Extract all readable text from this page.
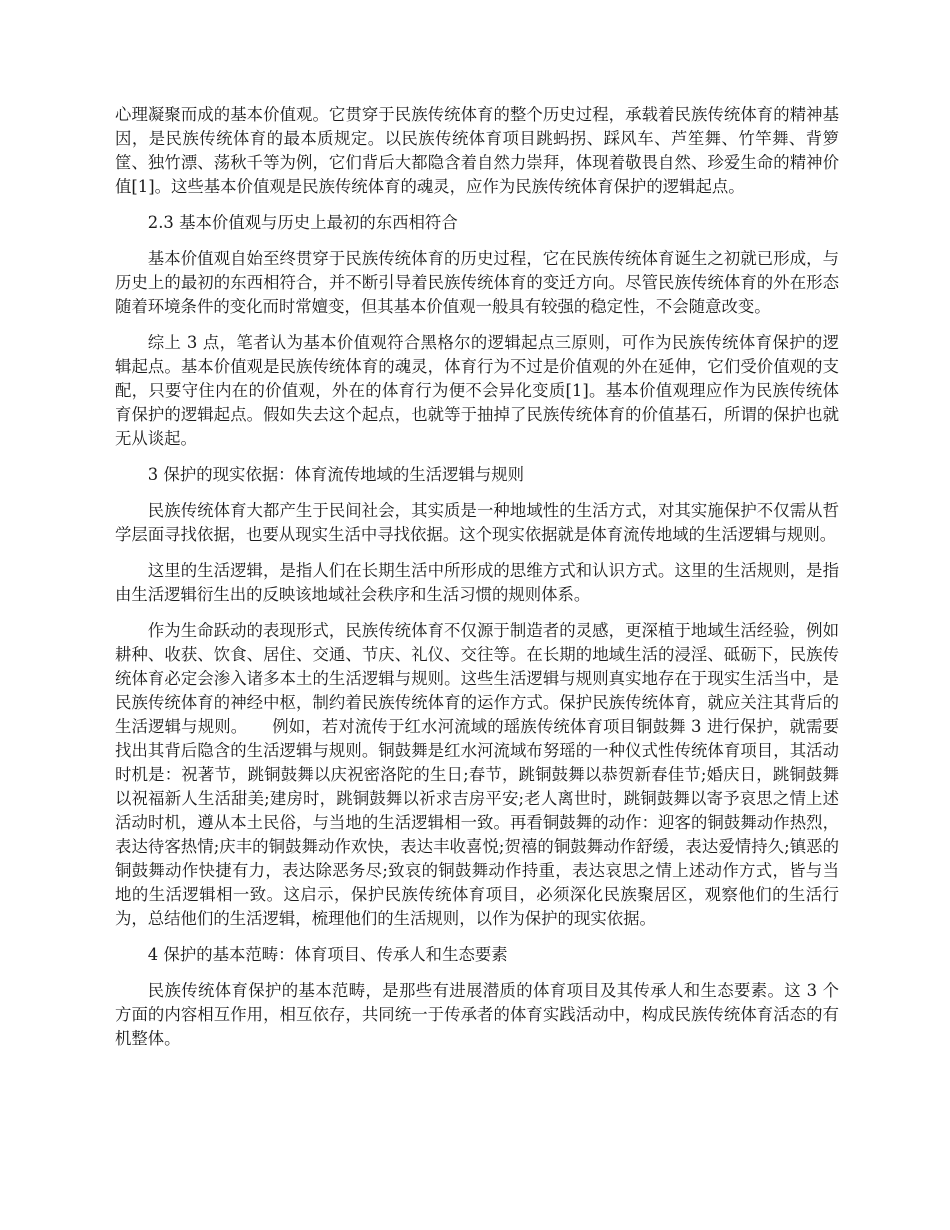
心理凝聚而成的基本价值观。它贯穿于民族传统体育的整个历史过程，承载着民族传统体育的精神基因，是民族传统体育的最本质规定。以民族传统体育项目跳蚂拐、踩风车、芦笙舞、竹竿舞、背箩筐、独竹漂、荡秋千等为例，它们背后大都隐含着自然力崇拜，体现着敬畏自然、珍爱生命的精神价值[1]。这些基本价值观是民族传统体育的魂灵，应作为民族传统体育保护的逻辑起点。

2.3 基本价值观与历史上最初的东西相符合

基本价值观自始至终贯穿于民族传统体育的历史过程，它在民族传统体育诞生之初就已形成，与历史上的最初的东西相符合，并不断引导着民族传统体育的变迁方向。尽管民族传统体育的外在形态随着环境条件的变化而时常嬗变，但其基本价值观一般具有较强的稳定性，不会随意改变。

综上 3 点，笔者认为基本价值观符合黑格尔的逻辑起点三原则，可作为民族传统体育保护的逻辑起点。基本价值观是民族传统体育的魂灵，体育行为不过是价值观的外在延伸，它们受价值观的支配，只要守住内在的价值观，外在的体育行为便不会异化变质[1]。基本价值观理应作为民族传统体育保护的逻辑起点。假如失去这个起点，也就等于抽掉了民族传统体育的价值基石，所谓的保护也就无从谈起。

3 保护的现实依据：体育流传地域的生活逻辑与规则

民族传统体育大都产生于民间社会，其实质是一种地域性的生活方式，对其实施保护不仅需从哲学层面寻找依据，也要从现实生活中寻找依据。这个现实依据就是体育流传地域的生活逻辑与规则。

这里的生活逻辑，是指人们在长期生活中所形成的思维方式和认识方式。这里的生活规则，是指由生活逻辑衍生出的反映该地域社会秩序和生活习惯的规则体系。

作为生命跃动的表现形式，民族传统体育不仅源于制造者的灵感，更深植于地域生活经验，例如耕种、收获、饮食、居住、交通、节庆、礼仪、交往等。在长期的地域生活的浸淫、砥砺下，民族传统体育必定会渗入诸多本土的生活逻辑与规则。这些生活逻辑与规则真实地存在于现实生活当中，是民族传统体育的神经中枢，制约着民族传统体育的运作方式。保护民族传统体育，就应关注其背后的生活逻辑与规则。　　例如，若对流传于红水河流域的瑶族传统体育项目铜鼓舞 3 进行保护，就需要找出其背后隐含的生活逻辑与规则。铜鼓舞是红水河流域布努瑶的一种仪式性传统体育项目，其活动时机是：祝著节，跳铜鼓舞以庆祝密洛陀的生日;春节，跳铜鼓舞以恭贺新春佳节;婚庆日，跳铜鼓舞以祝福新人生活甜美;建房时，跳铜鼓舞以祈求吉房平安;老人离世时，跳铜鼓舞以寄予哀思之情上述活动时机，遵从本土民俗，与当地的生活逻辑相一致。再看铜鼓舞的动作：迎客的铜鼓舞动作热烈，表达待客热情;庆丰的铜鼓舞动作欢快，表达丰收喜悦;贺禧的铜鼓舞动作舒缓，表达爱情持久;镇恶的铜鼓舞动作快捷有力，表达除恶务尽;致哀的铜鼓舞动作持重，表达哀思之情上述动作方式，皆与当地的生活逻辑相一致。这启示，保护民族传统体育项目，必须深化民族聚居区，观察他们的生活行为，总结他们的生活逻辑，梳理他们的生活规则，以作为保护的现实依据。

4 保护的基本范畴：体育项目、传承人和生态要素

民族传统体育保护的基本范畴，是那些有进展潜质的体育项目及其传承人和生态要素。这 3 个方面的内容相互作用，相互依存，共同统一于传承者的体育实践活动中，构成民族传统体育活态的有机整体。
